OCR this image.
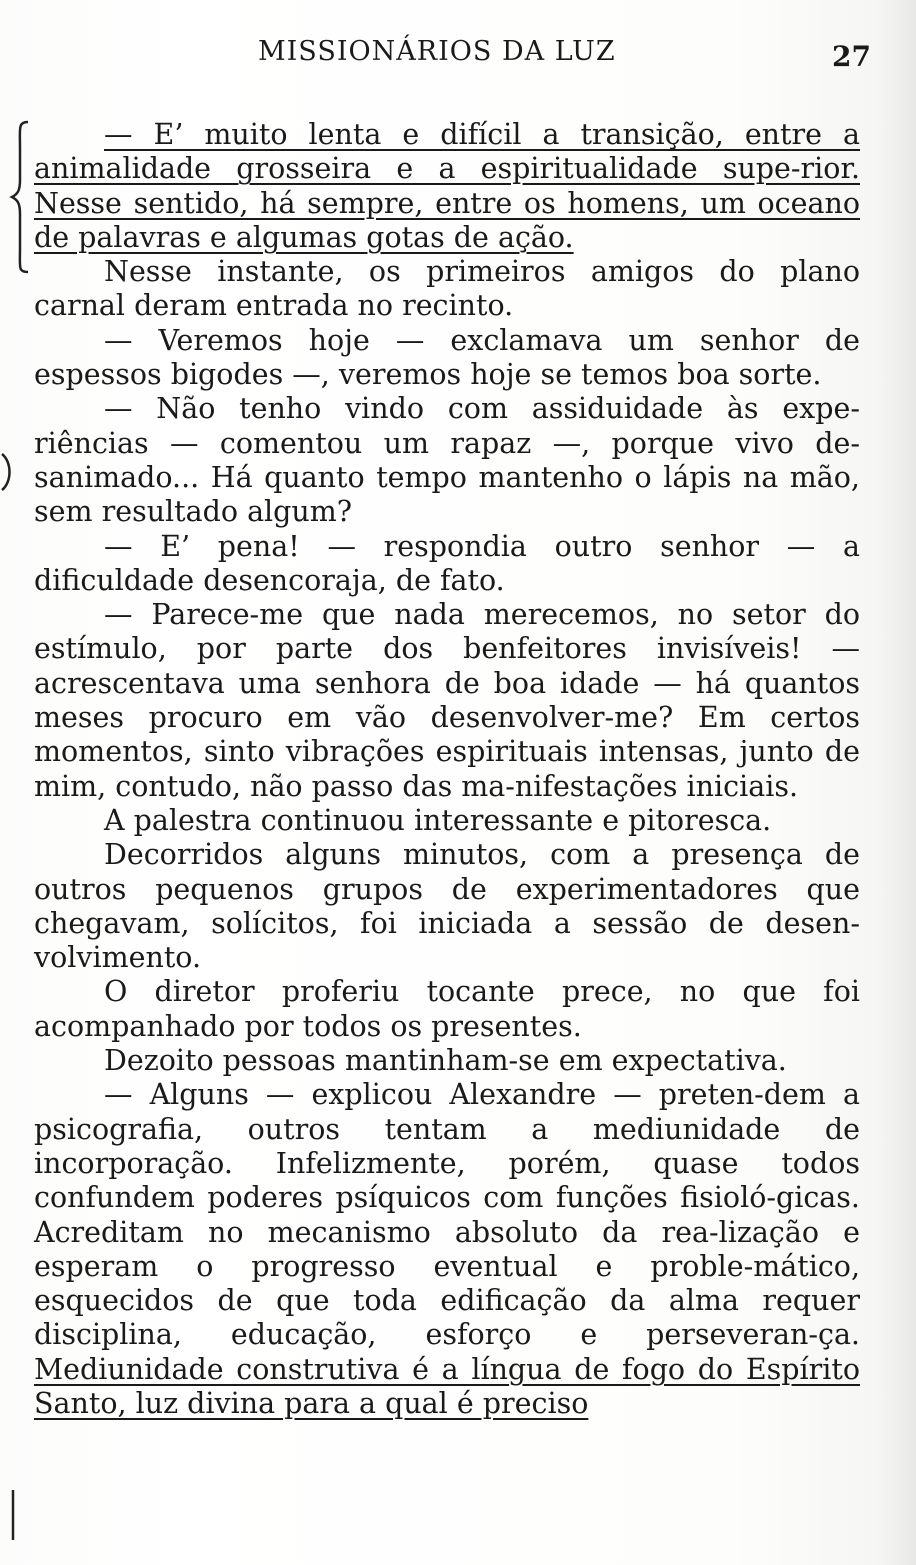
MISSIONÁRIOS DA LUZ	27

— E’ muito lenta e difícil a transição, entre a animalidade grosseira e a espiritualidade supe-rior. Nesse sentido, há sempre, entre os homens, um oceano de palavras e algumas gotas de ação.

Nesse instante, os primeiros amigos do plano carnal deram entrada no recinto.

— Veremos hoje — exclamava um senhor de espessos bigodes —, veremos hoje se temos boa sorte.

— Não tenho vindo com assiduidade às expe-riências — comentou um rapaz —, porque vivo de-sanimado... Há quanto tempo mantenho o lápis na mão, sem resultado algum?

— E’ pena! — respondia outro senhor — a dificuldade desencoraja, de fato.

— Parece-me que nada merecemos, no setor do estímulo, por parte dos benfeitores invisíveis! — acrescentava uma senhora de boa idade — há quantos meses procuro em vão desenvolver-me? Em certos momentos, sinto vibrações espirituais intensas, junto de mim, contudo, não passo das ma-nifestações iniciais.

A palestra continuou interessante e pitoresca.

Decorridos alguns minutos, com a presença de outros pequenos grupos de experimentadores que chegavam, solícitos, foi iniciada a sessão de desen-volvimento.

O diretor proferiu tocante prece, no que foi acompanhado por todos os presentes.

Dezoito pessoas mantinham-se em expectativa.

— Alguns — explicou Alexandre — preten-dem a psicografia, outros tentam a mediunidade de incorporação. Infelizmente, porém, quase todos confundem poderes psíquicos com funções fisioló-gicas. Acreditam no mecanismo absoluto da rea-lização e esperam o progresso eventual e proble-mático, esquecidos de que toda edificação da alma requer disciplina, educação, esforço e perseveran-ça. Mediunidade construtiva é a língua de fogo do Espírito Santo, luz divina para a qual é preciso
